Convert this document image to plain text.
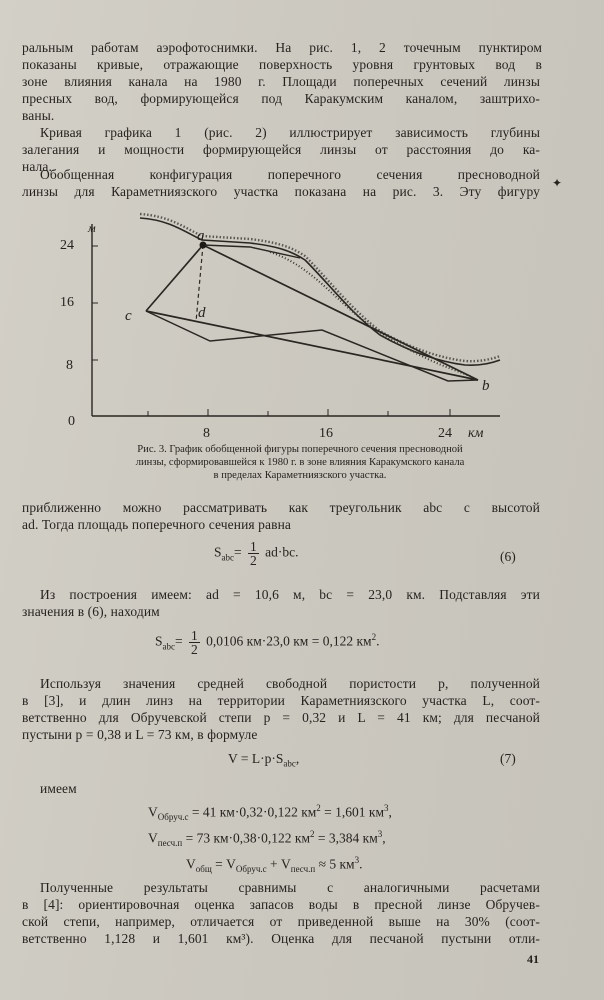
ральным работам аэрофотоснимки. На рис. 1, 2 точечным пунктиром
показаны кривые, отражающие поверхность уровня грунтовых вод в
зоне влияния канала на 1980 г. Площади поперечных сечений линзы
пресных вод, формирующейся под Каракумским каналом, заштрихо-
ваны.
Кривая графика 1 (рис. 2) иллюстрирует зависимость глубины
залегания и мощности формирующейся линзы от расстояния до ка-
нала.
Обобщенная конфигурация поперечного сечения пресноводной
линзы для Караметниязского участка показана на рис. 3. Эту фигуру
✦
м
24
16
8
0
8	16	24 км
a
b
c	d
Рис. 3. График обобщенной фигуры поперечного сечения пресноводной
линзы, сформировавшейся к 1980 г. в зоне влияния Каракумского канала
в пределах Караметниязского участка.
приближенно можно рассматривать как треугольник abc с высотой
ad. Тогда площадь поперечного сечения равна
$S_{abc}= \frac{1}{2} ad\cdot bc$.	(6)
Из построения имеем: ad = 10,6 м, bc = 23,0 км. Подставляя эти
значения в (6), находим
$S_{abc}= \frac{1}{2} 0,0106$ км·23,0 км = 0,122 $км^2$.
Используя значения средней свободной пористости p, полученной
в [3], и длин линз на территории Караметниязского участка L, соот-
ветственно для Обручевской степи p = 0,32 и L = 41 км; для песчаной
пустыни p = 0,38 и L = 73 км, в формуле
$V = L\cdot p\cdot S_{abc}$,	(7)
имеем
$V_{Обруч.с} = 41$ км·0,32·0,122 $км^2 = 1,601$ $км^3$,
$V_{песч.п} = 73$ км·0,38·0,122 $км^2 = 3,384$ $км^3$,
$V_{общ} = V_{Обруч.с} + V_{песч.п} \approx 5$ $км^3$.
Полученные результаты сравнимы с аналогичными расчетами
в [4]: ориентировочная оценка запасов воды в пресной линзе Обручев-
ской степи, например, отличается от приведенной выше на 30% (соот-
ветственно 1,128 и 1,601 км³). Оценка для песчаной пустыни отли-
41
